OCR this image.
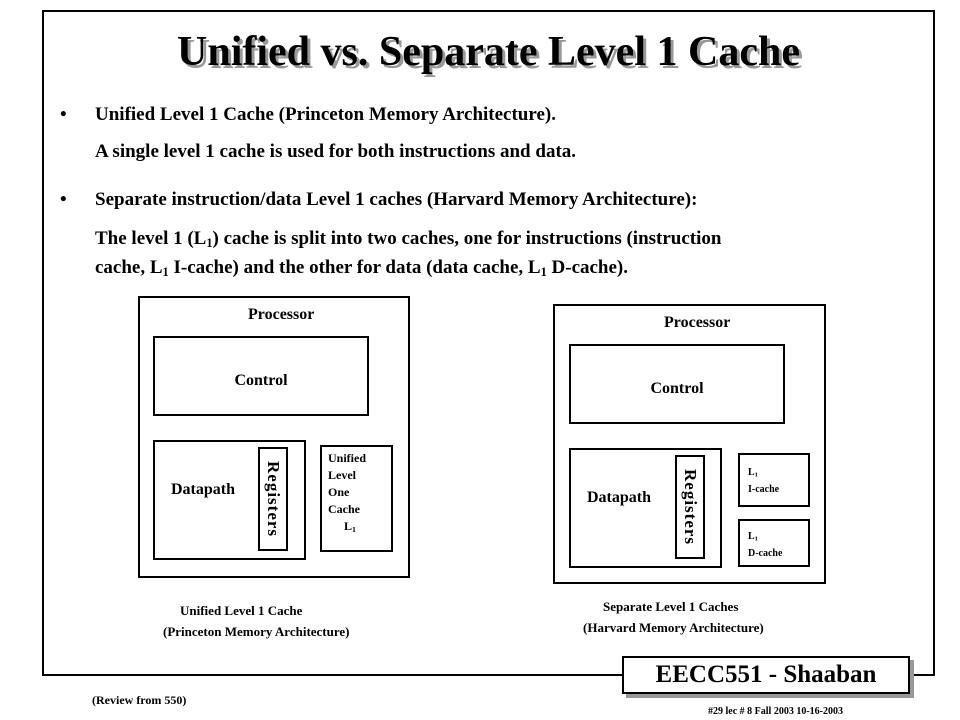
Unified vs. Separate Level 1 Cache
• Unified Level 1 Cache (Princeton Memory Architecture).
A single level 1 cache is used for both instructions and data.
• Separate instruction/data Level 1 caches (Harvard Memory Architecture):
The level 1 $(L_1)$ cache is split into two caches, one for instructions (instruction
cache, $L_1$ I-cache) and the other for data (data cache, $L_1$ D-cache).
Processor
Control
Datapath	Registers
Unified
Level
One
Cache
$L_1$
Unified Level 1 Cache
(Princeton Memory Architecture)
Processor
Control
Datapath	Registers	$L_1$
I-cache
$L_1$
D-cache
Separate Level 1 Caches
(Harvard Memory Architecture)
EECC551 - Shaaban
(Review from 550)
#29 lec # 8 Fall 2003 10-16-2003
